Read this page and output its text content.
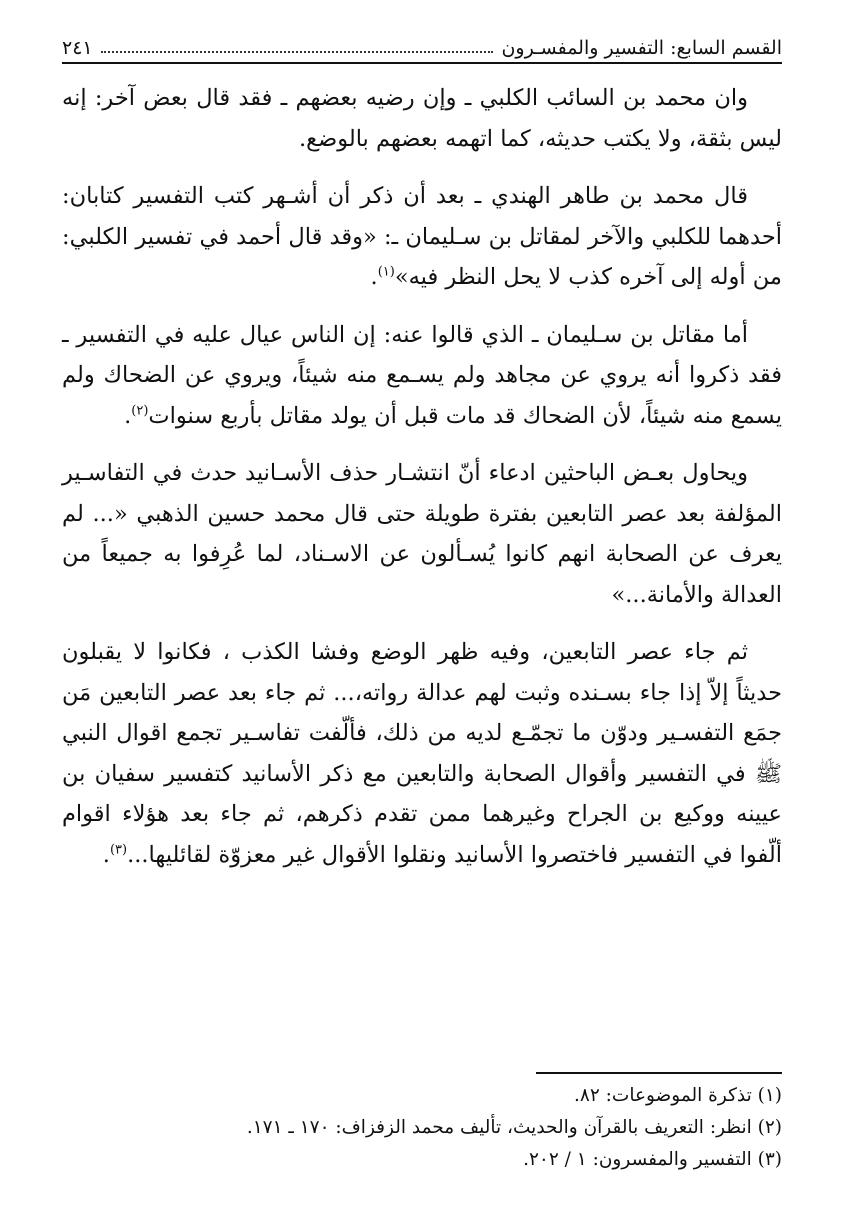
القسم السابع: التفسير والمفسـرون
٢٤١

وان محمد بن السائب الكلبي ـ وإن رضيه بعضهم ـ فقد قال بعض آخر: إنه ليس بثقة، ولا يكتب حديثه، كما اتهمه بعضهم بالوضع.

قال محمد بن طاهر الهندي ـ بعد أن ذكر أن أشـهر كتب التفسير كتابان: أحدهما للكلبي والآخر لمقاتل بن سـليمان ـ: «وقد قال أحمد في تفسير الكلبي: من أوله إلى آخره كذب لا يحل النظر فيه»$^{(١)}$.

أما مقاتل بن سـليمان ـ الذي قالوا عنه: إن الناس عيال عليه في التفسير ـ فقد ذكروا أنه يروي عن مجاهد ولم يسـمع منه شيئاً، ويروي عن الضحاك ولم يسمع منه شيئاً، لأن الضحاك قد مات قبل أن يولد مقاتل بأربع سنوات$^{(٢)}$.

ويحاول بعـض الباحثين ادعاء أنّ انتشـار حذف الأسـانيد حدث في التفاسـير المؤلفة بعد عصر التابعين بفترة طويلة حتى قال محمد حسين الذهبي «... لم يعرف عن الصحابة انهم كانوا يُسـألون عن الاسـناد، لما عُرِفوا به جميعاً من العدالة والأمانة...»

ثم جاء عصر التابعين، وفيه ظهر الوضع وفشا الكذب ، فكانوا لا يقبلون حديثاً إلاّ إذا جاء بسـنده وثبت لهم عدالة رواته،... ثم جاء بعد عصر التابعين مَن جمَع التفسـير ودوّن ما تجمّـع لديه من ذلك، فألّفت تفاسـير تجمع اقوال النبي ﷺ في التفسير وأقوال الصحابة والتابعين مع ذكر الأسانيد كتفسير سفيان بن عيينه ووكيع بن الجراح وغيرهما ممن تقدم ذكرهم، ثم جاء بعد هؤلاء اقوام ألّفوا في التفسير فاختصروا الأسانيد ونقلوا الأقوال غير معزوّة لقائليها...$^{(٣)}$.

(١) تذكرة الموضوعات: ٨٢.

(٢) انظر: التعريف بالقرآن والحديث، تأليف محمد الزفزاف: ١٧٠ ـ ١٧١.

(٣) التفسير والمفسرون: ١ / ٢٠٢.
